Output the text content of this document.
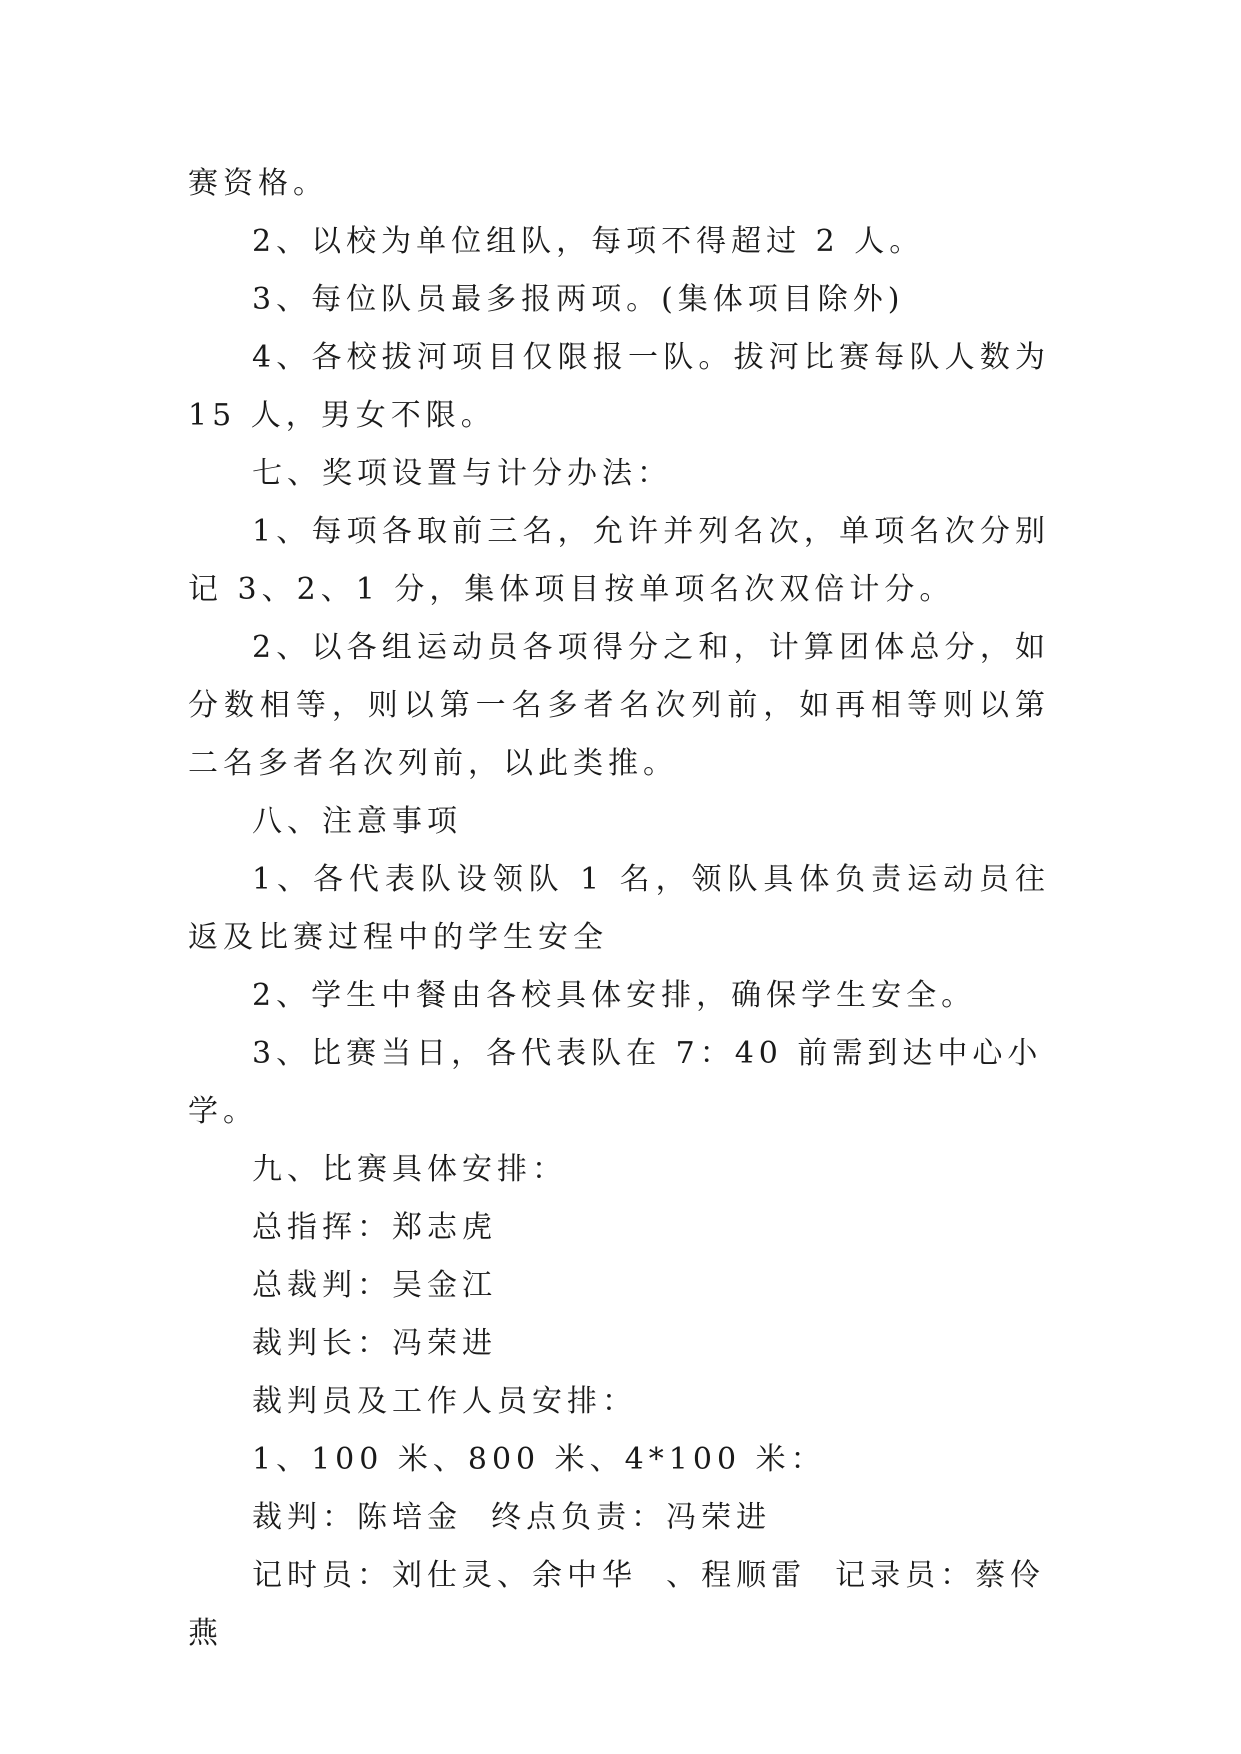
赛资格。

2、以校为单位组队，每项不得超过 2 人。

3、每位队员最多报两项。(集体项目除外)

4、各校拔河项目仅限报一队。拔河比赛每队人数为 15 人，男女不限。

七、奖项设置与计分办法：

1、每项各取前三名，允许并列名次，单项名次分别记 3、2、1 分，集体项目按单项名次双倍计分。

2、以各组运动员各项得分之和，计算团体总分，如分数相等，则以第一名多者名次列前，如再相等则以第二名多者名次列前，以此类推。

八、注意事项

1、各代表队设领队 1 名，领队具体负责运动员往返及比赛过程中的学生安全

2、学生中餐由各校具体安排，确保学生安全。

3、比赛当日，各代表队在 7：40 前需到达中心小学。

九、比赛具体安排：

总指挥：郑志虎

总裁判：吴金江

裁判长：冯荣进

裁判员及工作人员安排：

1、100 米、800 米、4*100 米：

裁判：陈培金  终点负责：冯荣进

记时员：刘仕灵、余中华  、程顺雷  记录员：蔡伶燕
